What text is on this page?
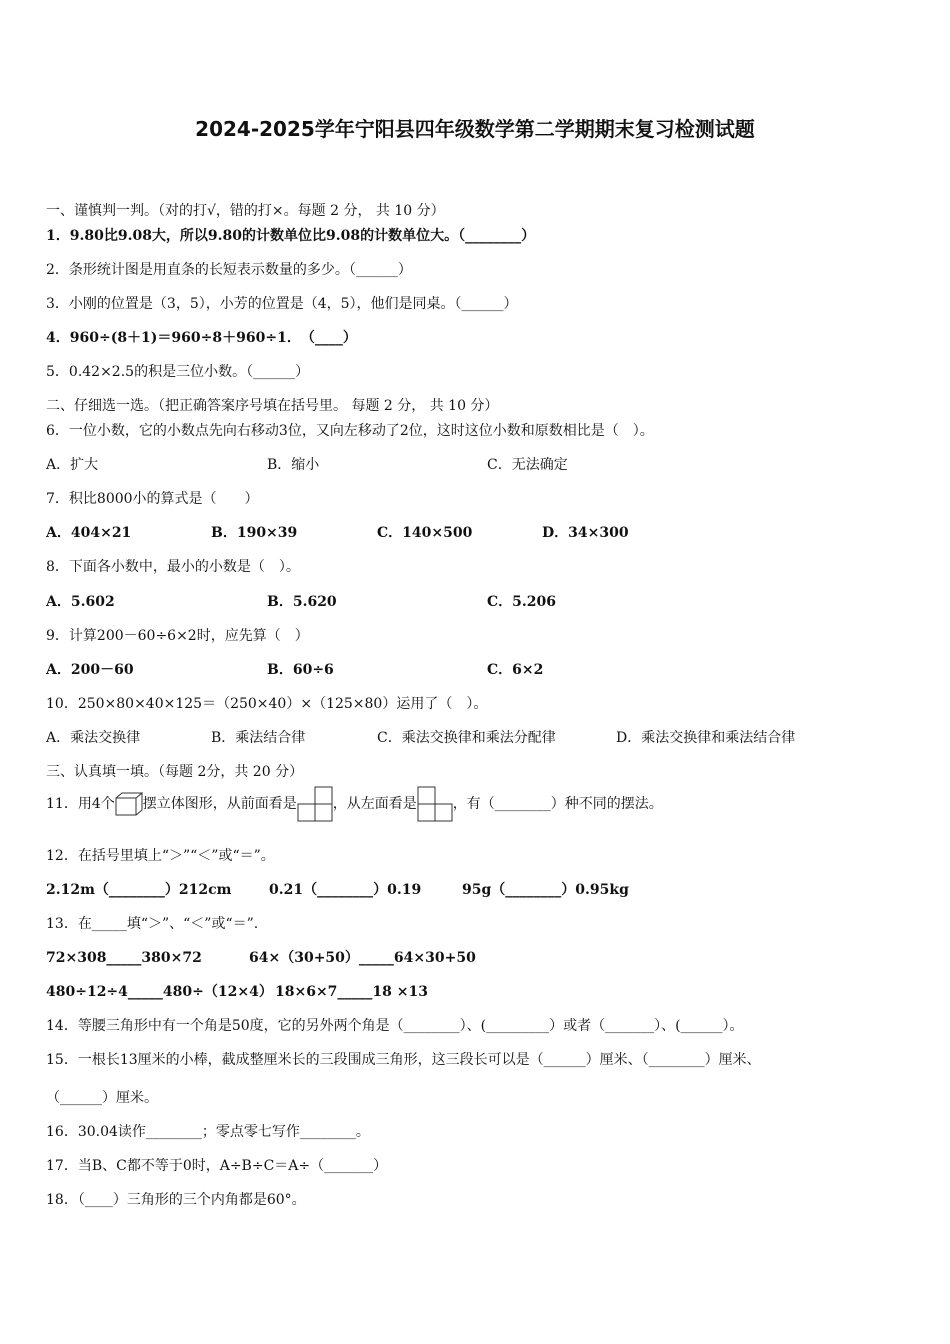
2024-2025学年宁阳县四年级数学第二学期期末复习检测试题
一、谨慎判一判。（对的打√，错的打×。每题 2 分， 共 10 分）
1．9.80比9.08大，所以9.80的计数单位比9.08的计数单位大。（________）
2．条形统计图是用直条的长短表示数量的多少。（______）
3．小刚的位置是（3，5），小芳的位置是（4，5），他们是同桌。（______）
4．960÷(8＋1)＝960÷8＋960÷1．　（____）
5．0.42×2.5的积是三位小数。（______）
二、仔细选一选。（把正确答案序号填在括号里。 每题 2 分， 共 10 分）
6．一位小数，它的小数点先向右移动3位，又向左移动了2位，这时这位小数和原数相比是（　）。
A．扩大	B．缩小	C．无法确定
7．积比8000小的算式是（　　）
A．404×21	B．190×39	C．140×500	D．34×300
8．下面各小数中，最小的小数是（　）。
A．5.602	B．5.620	C．5.206
9．计算200－60÷6×2时，应先算（　）
A．200－60	B．60÷6	C．6×2
10．250×80×40×125＝（250×40）×（125×80）运用了（　）。
A．乘法交换律	B．乘法结合律	C．乘法交换律和乘法分配律	D．乘法交换律和乘法结合律
三、认真填一填。（每题 2分，共 20 分）
11．用4个 摆立体图形，从前面看是	，从左面看是	，有（________）种不同的摆法。
12．在括号里填上“＞”“＜”或“＝”。
2.12m（________）212cm	0.21（________）0.19	95g（________）0.95kg
13．在_____填“＞”、“＜”或“＝”.
72×308_____380×72	64×（30+50）_____64×30+50
480÷12÷4_____480÷（12×4） 18×6×7_____18 ×13
14．等腰三角形中有一个角是50度，它的另外两个角是（________）、(_________）或者（_______）、(______）。
15．一根长13厘米的小棒，截成整厘米长的三段围成三角形，这三段长可以是（______）厘米、（________）厘米、
（______）厘米。
16．30.04读作________；零点零七写作________。
17．当B、C都不等于0时，A÷B÷C＝A÷（_______）
18．（____）三角形的三个内角都是60°。
